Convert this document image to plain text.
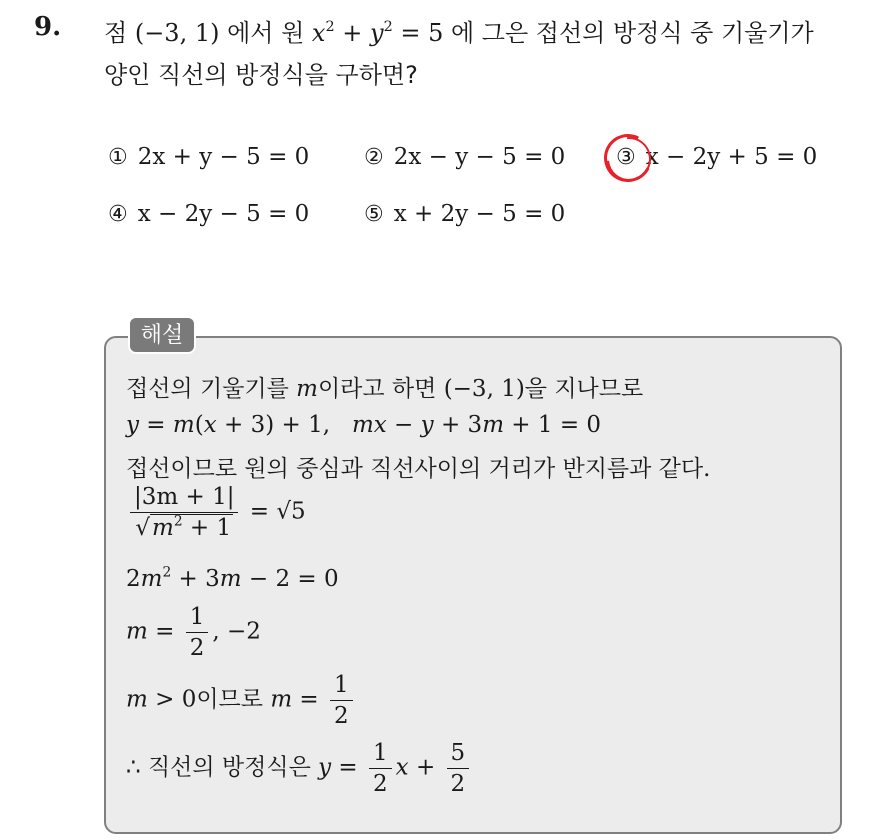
9. 점 (−3, 1) 에서 원 $x^2 + y^2 = 5$ 에 그은 접선의 방정식 중 기울기가
양인 직선의 방정식을 구하면?
① 2x + y − 5 = 0 ② 2x − y − 5 = 0 ③ x − 2y + 5 = 0
④ x − 2y − 5 = 0 ⑤ x + 2y − 5 = 0
해설
접선의 기울기를 m이라고 하면 (−3, 1)을 지나므로
y = m(x + 3) + 1,   mx − y + 3m + 1 = 0
접선이므로 원의 중심과 직선사이의 거리가 반지름과 같다.
$\frac{|3m + 1|}{√m^2 + 1} = √5$
$2m^2 + 3m - 2 = 0$
$m = \frac{1}{2}$ , −2
m > 0이므로 $m = \frac{1}{2}$
∴ 직선의 방정식은 $y = \frac{1}{2}$ $x + \frac{5}{2}$
